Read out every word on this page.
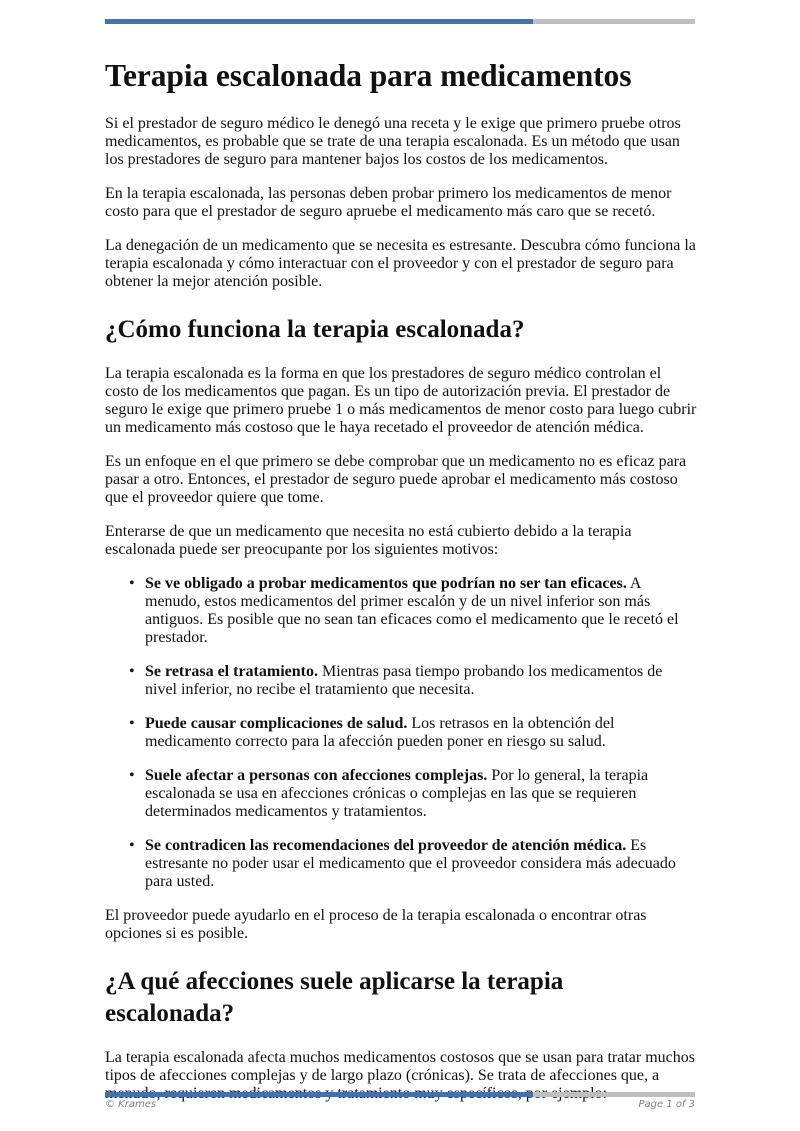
Terapia escalonada para medicamentos

Si el prestador de seguro médico le denegó una receta y le exige que primero pruebe otros medicamentos, es probable que se trate de una terapia escalonada. Es un método que usan los prestadores de seguro para mantener bajos los costos de los medicamentos.

En la terapia escalonada, las personas deben probar primero los medicamentos de menor costo para que el prestador de seguro apruebe el medicamento más caro que se recetó.

La denegación de un medicamento que se necesita es estresante. Descubra cómo funciona la terapia escalonada y cómo interactuar con el proveedor y con el prestador de seguro para obtener la mejor atención posible.

¿Cómo funciona la terapia escalonada?

La terapia escalonada es la forma en que los prestadores de seguro médico controlan el costo de los medicamentos que pagan. Es un tipo de autorización previa. El prestador de seguro le exige que primero pruebe 1 o más medicamentos de menor costo para luego cubrir un medicamento más costoso que le haya recetado el proveedor de atención médica.

Es un enfoque en el que primero se debe comprobar que un medicamento no es eficaz para pasar a otro. Entonces, el prestador de seguro puede aprobar el medicamento más costoso que el proveedor quiere que tome.

Enterarse de que un medicamento que necesita no está cubierto debido a la terapia escalonada puede ser preocupante por los siguientes motivos:

• Se ve obligado a probar medicamentos que podrían no ser tan eficaces. A menudo, estos medicamentos del primer escalón y de un nivel inferior son más antiguos. Es posible que no sean tan eficaces como el medicamento que le recetó el prestador.
• Se retrasa el tratamiento. Mientras pasa tiempo probando los medicamentos de nivel inferior, no recibe el tratamiento que necesita.
• Puede causar complicaciones de salud. Los retrasos en la obtención del medicamento correcto para la afección pueden poner en riesgo su salud.
• Suele afectar a personas con afecciones complejas. Por lo general, la terapia escalonada se usa en afecciones crónicas o complejas en las que se requieren determinados medicamentos y tratamientos.
• Se contradicen las recomendaciones del proveedor de atención médica. Es estresante no poder usar el medicamento que el proveedor considera más adecuado para usted.

El proveedor puede ayudarlo en el proceso de la terapia escalonada o encontrar otras opciones si es posible.

¿A qué afecciones suele aplicarse la terapia escalonada?

La terapia escalonada afecta muchos medicamentos costosos que se usan para tratar muchos tipos de afecciones complejas y de largo plazo (crónicas). Se trata de afecciones que, a

© Krames	Page 1 of 3
